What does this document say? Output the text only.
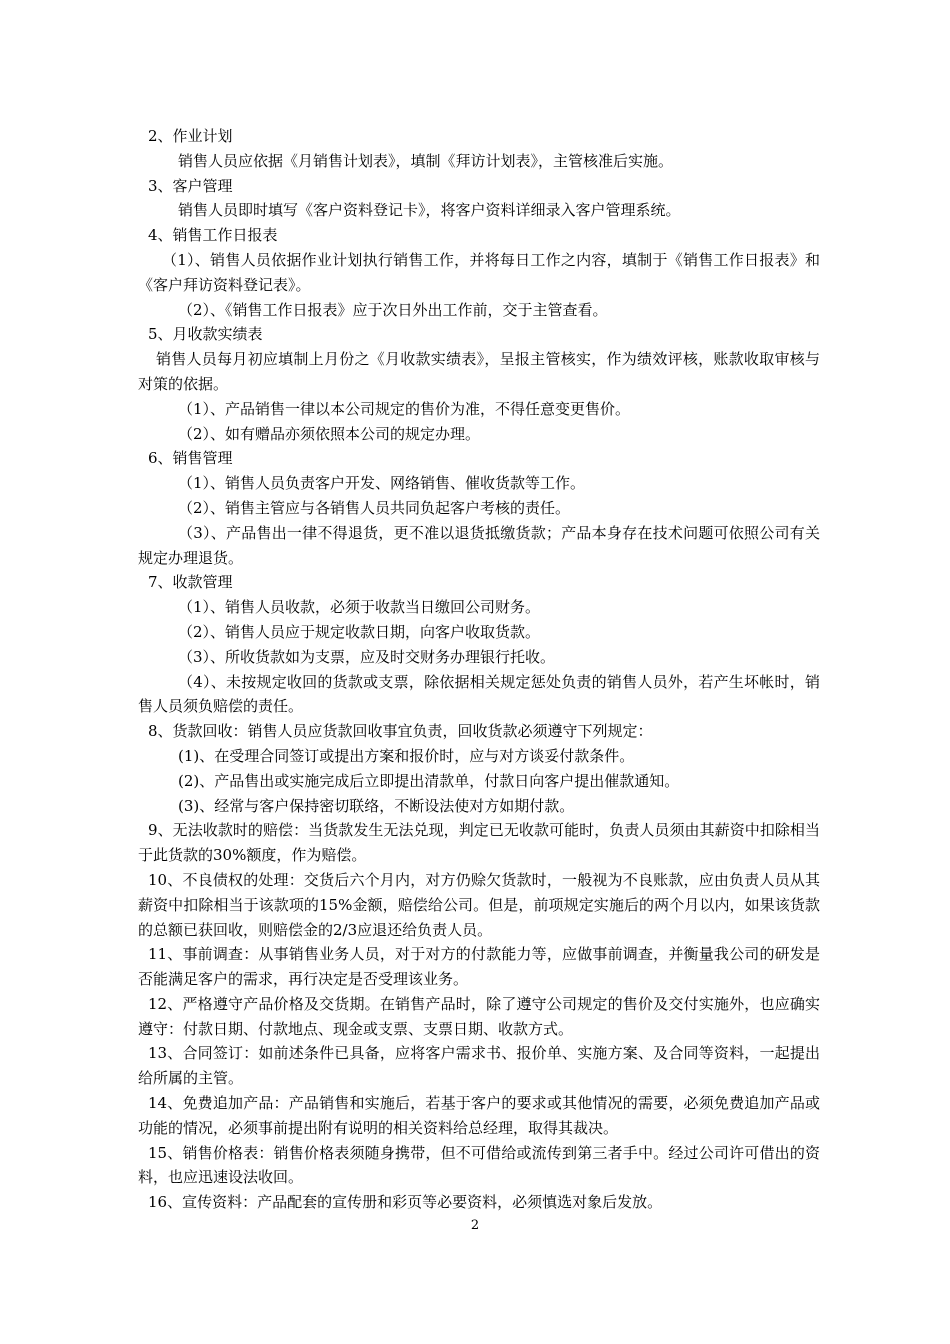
2、作业计划

销售人员应依据《月销售计划表》，填制《拜访计划表》，主管核准后实施。

3、客户管理

销售人员即时填写《客户资料登记卡》，将客户资料详细录入客户管理系统。

4、销售工作日报表

（1）、销售人员依据作业计划执行销售工作，并将每日工作之内容，填制于《销售工作日报表》和《客户拜访资料登记表》。

（2）、《销售工作日报表》应于次日外出工作前，交于主管查看。

5、月收款实绩表

销售人员每月初应填制上月份之《月收款实绩表》，呈报主管核实，作为绩效评核，账款收取审核与对策的依据。

（1）、产品销售一律以本公司规定的售价为准，不得任意变更售价。

（2）、如有赠品亦须依照本公司的规定办理。

6、销售管理

（1）、销售人员负责客户开发、网络销售、催收货款等工作。

（2）、销售主管应与各销售人员共同负起客户考核的责任。

（3）、产品售出一律不得退货，更不准以退货抵缴货款；产品本身存在技术问题可依照公司有关规定办理退货。

7、收款管理

（1）、销售人员收款，必须于收款当日缴回公司财务。

（2）、销售人员应于规定收款日期，向客户收取货款。

（3）、所收货款如为支票，应及时交财务办理银行托收。

（4）、未按规定收回的货款或支票，除依据相关规定惩处负责的销售人员外，若产生坏帐时，销售人员须负赔偿的责任。

8、货款回收：销售人员应货款回收事宜负责，回收货款必须遵守下列规定：

(1)、在受理合同签订或提出方案和报价时，应与对方谈妥付款条件。

(2)、产品售出或实施完成后立即提出清款单，付款日向客户提出催款通知。

(3)、经常与客户保持密切联络，不断设法使对方如期付款。

9、无法收款时的赔偿：当货款发生无法兑现，判定已无收款可能时，负责人员须由其薪资中扣除相当于此货款的30%额度，作为赔偿。

10、不良债权的处理：交货后六个月内，对方仍赊欠货款时，一般视为不良账款，应由负责人员从其薪资中扣除相当于该款项的15%金额，赔偿给公司。但是，前项规定实施后的两个月以内，如果该货款的总额已获回收，则赔偿金的2/3应退还给负责人员。

11、事前调查：从事销售业务人员，对于对方的付款能力等，应做事前调查，并衡量我公司的研发是否能满足客户的需求，再行决定是否受理该业务。

12、严格遵守产品价格及交货期。在销售产品时，除了遵守公司规定的售价及交付实施外，也应确实遵守：付款日期、付款地点、现金或支票、支票日期、收款方式。

13、合同签订：如前述条件已具备，应将客户需求书、报价单、实施方案、及合同等资料，一起提出给所属的主管。

14、免费追加产品：产品销售和实施后，若基于客户的要求或其他情况的需要，必须免费追加产品或功能的情况，必须事前提出附有说明的相关资料给总经理，取得其裁决。

15、销售价格表：销售价格表须随身携带，但不可借给或流传到第三者手中。经过公司许可借出的资料，也应迅速设法收回。

16、宣传资料：产品配套的宣传册和彩页等必要资料，必须慎选对象后发放。

2
